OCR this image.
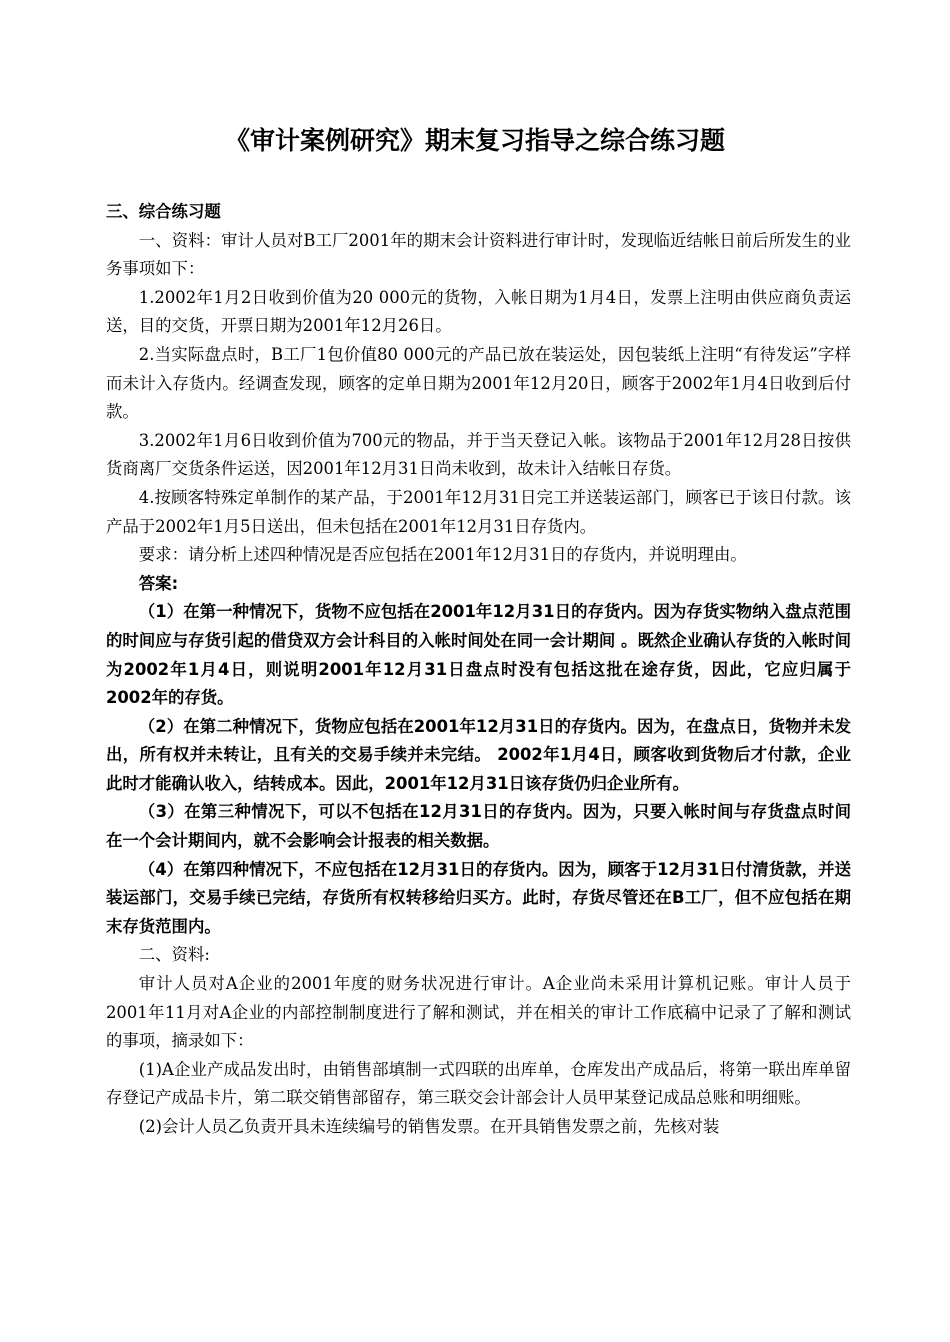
《审计案例研究》期末复习指导之综合练习题

三、综合练习题

一、资料：审计人员对B工厂2001年的期末会计资料进行审计时，发现临近结帐日前后所发生的业务事项如下：

1.2002年1月2日收到价值为20 000元的货物，入帐日期为1月4日，发票上注明由供应商负责运送，目的交货，开票日期为2001年12月26日。

2.当实际盘点时，B工厂1包价值80 000元的产品已放在装运处，因包装纸上注明“有待发运”字样而未计入存货内。经调查发现，顾客的定单日期为2001年12月20日，顾客于2002年1月4日收到后付款。

3.2002年1月6日收到价值为700元的物品，并于当天登记入帐。该物品于2001年12月28日按供货商离厂交货条件运送，因2001年12月31日尚未收到，故未计入结帐日存货。

4.按顾客特殊定单制作的某产品，于2001年12月31日完工并送装运部门，顾客已于该日付款。该产品于2002年1月5日送出，但未包括在2001年12月31日存货内。

要求：请分析上述四种情况是否应包括在2001年12月31日的存货内，并说明理由。

答案:

（1）在第一种情况下，货物不应包括在2001年12月31日的存货内。因为存货实物纳入盘点范围的时间应与存货引起的借贷双方会计科目的入帐时间处在同一会计期间 。既然企业确认存货的入帐时间为2002年1月4日，则说明2001年12月31日盘点时没有包括这批在途存货，因此，它应归属于2002年的存货。

（2）在第二种情况下，货物应包括在2001年12月31日的存货内。因为，在盘点日，货物并未发出，所有权并未转让，且有关的交易手续并未完结。 2002年1月4日，顾客收到货物后才付款，企业此时才能确认收入，结转成本。因此，2001年12月31日该存货仍归企业所有。

（3）在第三种情况下，可以不包括在12月31日的存货内。因为，只要入帐时间与存货盘点时间在一个会计期间内，就不会影响会计报表的相关数据。

（4）在第四种情况下，不应包括在12月31日的存货内。因为，顾客于12月31日付清货款，并送装运部门，交易手续已完结，存货所有权转移给归买方。此时，存货尽管还在B工厂，但不应包括在期末存货范围内。

二、资料:

审计人员对A企业的2001年度的财务状况进行审计。A企业尚未采用计算机记账。审计人员于2001年11月对A企业的内部控制制度进行了解和测试，并在相关的审计工作底稿中记录了了解和测试的事项，摘录如下：

(1)A企业产成品发出时，由销售部填制一式四联的出库单，仓库发出产成品后，将第一联出库单留存登记产成品卡片，第二联交销售部留存，第三联交会计部会计人员甲某登记成品总账和明细账。

(2)会计人员乙负责开具未连续编号的销售发票。在开具销售发票之前，先核对装
